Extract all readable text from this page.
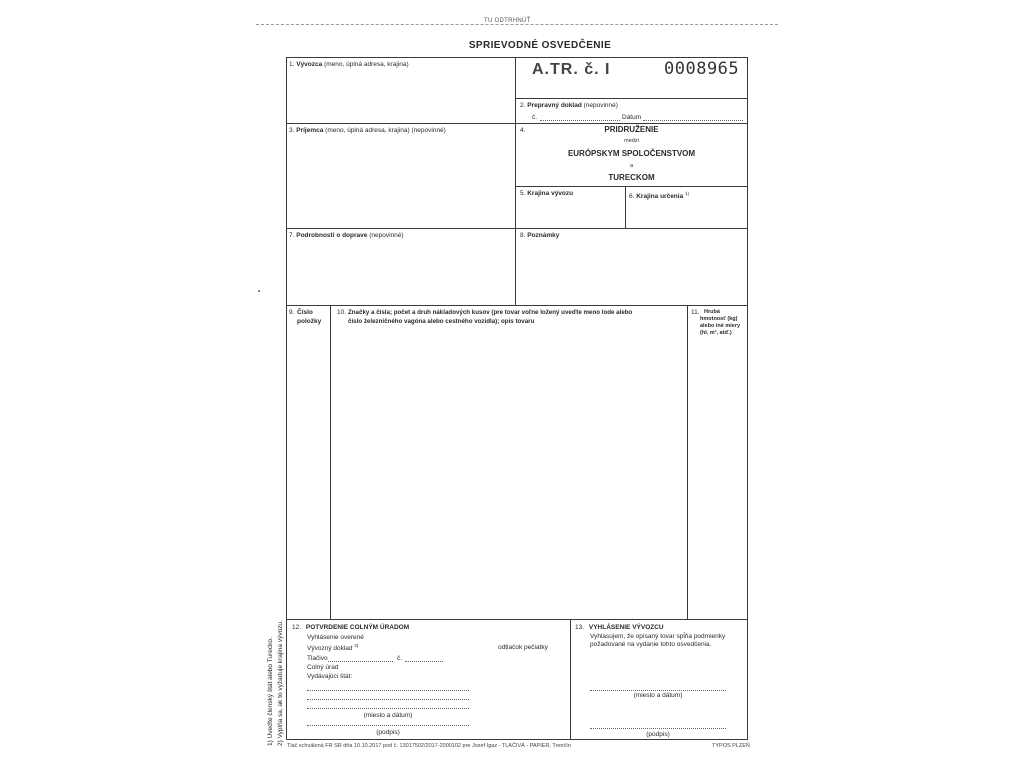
TU ODTRHNÚŤ
SPRIEVODNÉ OSVEDČENIE
1. Vývozca (meno, úplná adresa, krajina)	A.TR. č. I	0008965
2. Prepravný doklad (nepovinné)
č.	Dátum
3. Príjemca (meno, úplná adresa, krajina) (nepovinné)	4.	PRIDRUŽENIE
medzi
EURÓPSKYM SPOLOČENSTVOM
a
TURECKOM
5. Krajina vývozu	6. Krajina určenia $^{1)}$
7. Podrobnosti o doprave (nepovinné)	8. Poznámky
9. Číslo
položky
10. Značky a čísla; počet a druh nákladových kusov (pre tovar voľne ložený uveďte meno lode alebo
číslo železničného vagóna alebo cestného vozidla); opis tovaru
11. Hrubá
hmotnosť (kg)
alebo iné miery
(hl, m³, atď.)
12. POTVRDENIE COLNÝM ÚRADOM
Vyhlásenie overené
Vývozný doklad $^{2)}$	odtlačok pečiatky
Tlačivo	č.
Colný úrad
Vydávajúci štát:
(miesto a dátum)
(podpis)
13. VYHLÁSENIE VÝVOZCU
Vyhlasujem, že opísaný tovar spĺňa podmienky
požadované na vydanie tohto osvedčenia.
(miesto a dátum)
(podpis)
1) Uveďte členský štát alebo Turecko. 2) Vyplňa sa, ak to vyžaduje krajina vývozu. Tlač schválená FR SR dňa 10.10.2017 pod č. 13017502/2017-2000102 pre Jozef Igaz - TLAČIVÁ - PAPIER, Trenčín	TYPOS PLZEŇ
